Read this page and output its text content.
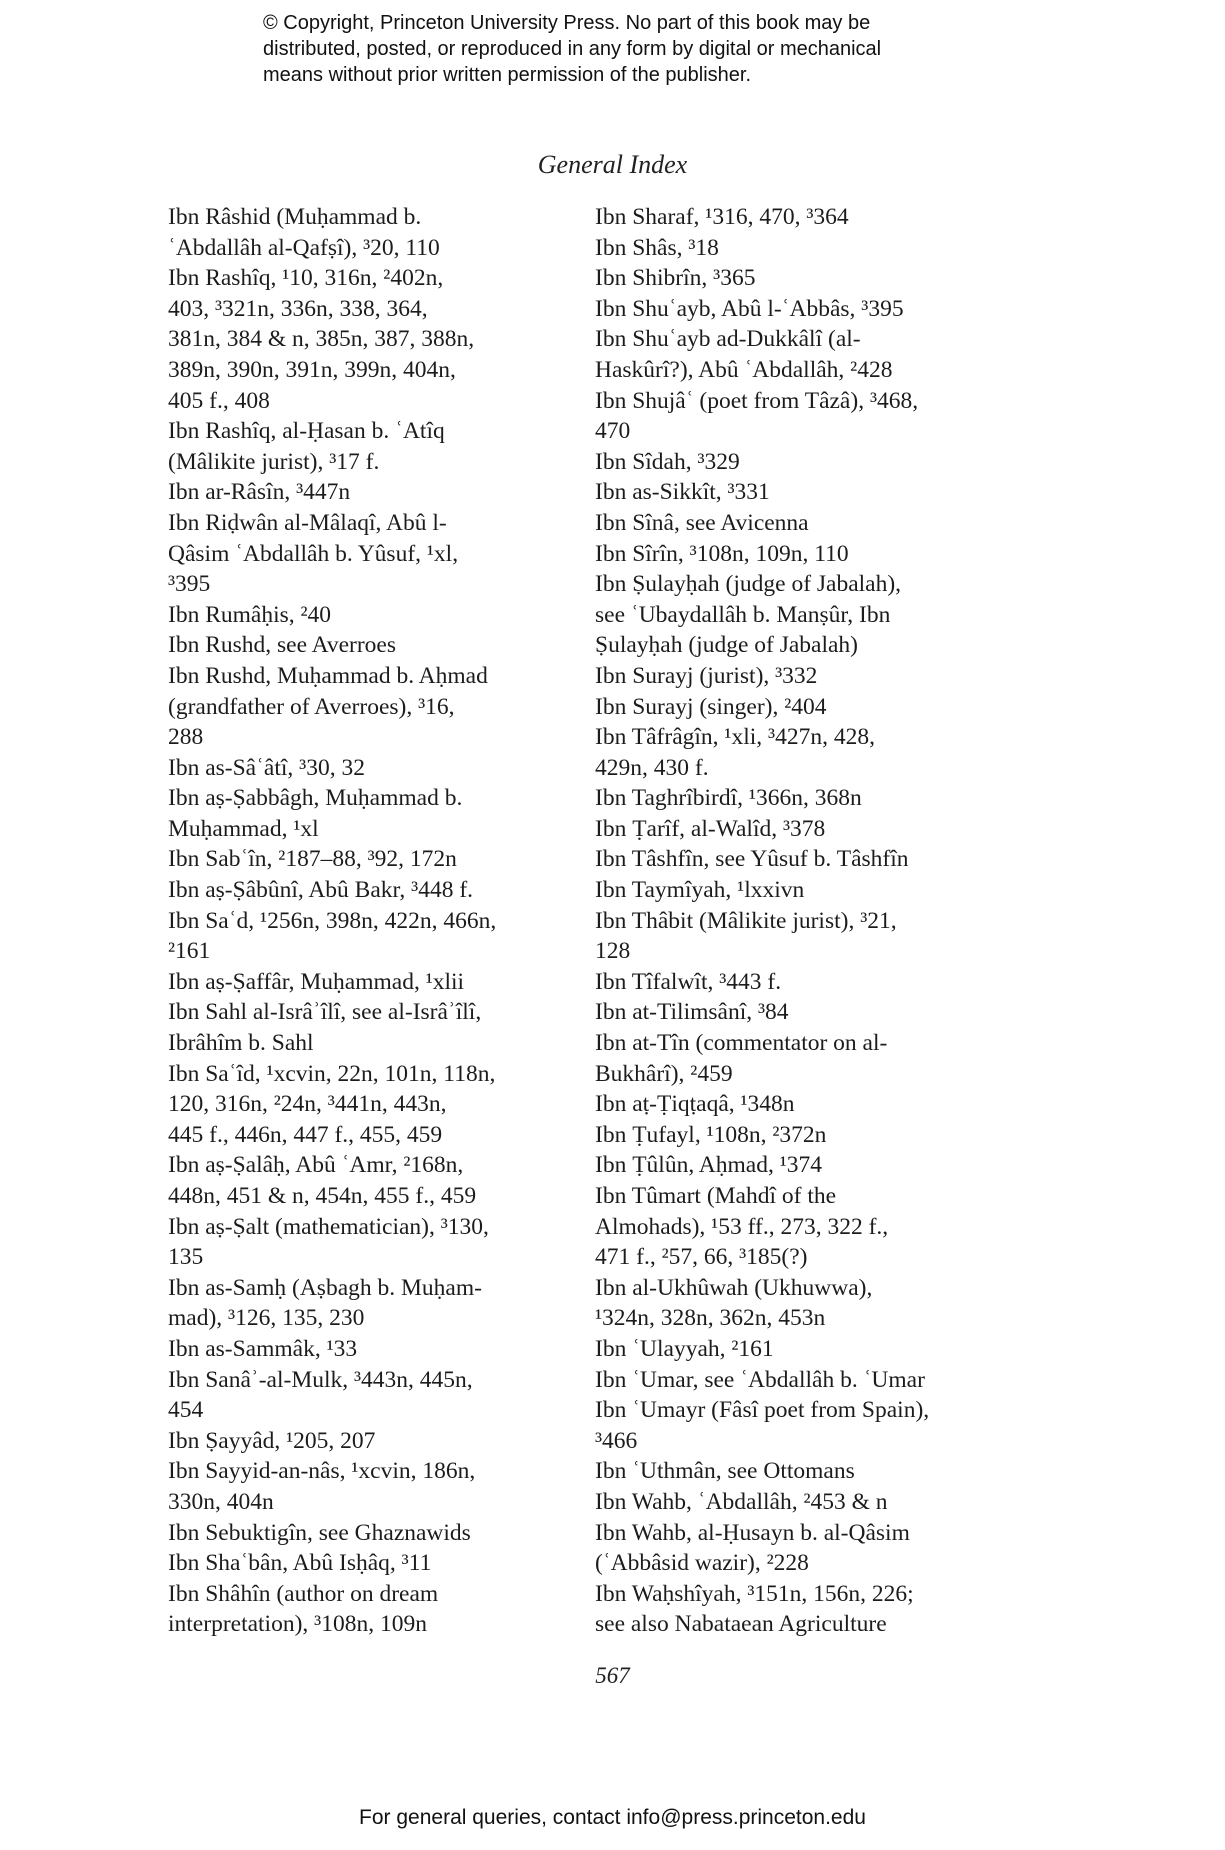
© Copyright, Princeton University Press. No part of this book may be
distributed, posted, or reproduced in any form by digital or mechanical
means without prior written permission of the publisher.
General Index

Ibn Râshid (Muḥammad b.
ʿAbdallâh al-Qafṣî), ³20, 110

Ibn Rashîq, ¹10, 316n, ²402n,
403, ³321n, 336n, 338, 364,
381n, 384 & n, 385n, 387, 388n,
389n, 390n, 391n, 399n, 404n,
405 f., 408

Ibn Rashîq, al-Ḥasan b. ʿAtîq
(Mâlikite jurist), ³17 f.

Ibn ar-Râsîn, ³447n

Ibn Riḍwân al-Mâlaqî, Abû l-
Qâsim ʿAbdallâh b. Yûsuf, ¹xl,
³395

Ibn Rumâḥis, ²40

Ibn Rushd, see Averroes

Ibn Rushd, Muḥammad b. Aḥmad
(grandfather of Averroes), ³16,
288

Ibn as-Sâʿâtî, ³30, 32

Ibn aṣ-Ṣabbâgh, Muḥammad b.
Muḥammad, ¹xl

Ibn Sabʿîn, ²187–88, ³92, 172n

Ibn aṣ-Ṣâbûnî, Abû Bakr, ³448 f.

Ibn Saʿd, ¹256n, 398n, 422n, 466n,
²161

Ibn aṣ-Ṣaffâr, Muḥammad, ¹xlii

Ibn Sahl al-Isrâʾîlî, see al-Isrâʾîlî,
Ibrâhîm b. Sahl

Ibn Saʿîd, ¹xcvin, 22n, 101n, 118n,
120, 316n, ²24n, ³441n, 443n,
445 f., 446n, 447 f., 455, 459

Ibn aṣ-Ṣalâḥ, Abû ʿAmr, ²168n,
448n, 451 & n, 454n, 455 f., 459

Ibn aṣ-Ṣalt (mathematician), ³130,
135

Ibn as-Samḥ (Aṣbagh b. Muḥam-
mad), ³126, 135, 230

Ibn as-Sammâk, ¹33

Ibn Sanâʾ-al-Mulk, ³443n, 445n,
454

Ibn Ṣayyâd, ¹205, 207

Ibn Sayyid-an-nâs, ¹xcvin, 186n,
330n, 404n

Ibn Sebuktigîn, see Ghaznawids

Ibn Shaʿbân, Abû Isḥâq, ³11

Ibn Shâhîn (author on dream
interpretation), ³108n, 109n

Ibn Sharaf, ¹316, 470, ³364

Ibn Shâs, ³18

Ibn Shibrîn, ³365

Ibn Shuʿayb, Abû l-ʿAbbâs, ³395

Ibn Shuʿayb ad-Dukkâlî (al-
Haskûrî?), Abû ʿAbdallâh, ²428

Ibn Shujâʿ (poet from Tâzâ), ³468,
470

Ibn Sîdah, ³329

Ibn as-Sikkît, ³331

Ibn Sînâ, see Avicenna

Ibn Sîrîn, ³108n, 109n, 110

Ibn Ṣulayḥah (judge of Jabalah),
see ʿUbaydallâh b. Manṣûr, Ibn
Ṣulayḥah (judge of Jabalah)

Ibn Surayj (jurist), ³332

Ibn Surayj (singer), ²404

Ibn Tâfrâgîn, ¹xli, ³427n, 428,
429n, 430 f.

Ibn Taghrîbirdî, ¹366n, 368n

Ibn Ṭarîf, al-Walîd, ³378

Ibn Tâshfîn, see Yûsuf b. Tâshfîn

Ibn Taymîyah, ¹lxxivn

Ibn Thâbit (Mâlikite jurist), ³21,
128

Ibn Tîfalwît, ³443 f.

Ibn at-Tilimsânî, ³84

Ibn at-Tîn (commentator on al-
Bukhârî), ²459

Ibn aṭ-Ṭiqṭaqâ, ¹348n

Ibn Ṭufayl, ¹108n, ²372n

Ibn Ṭûlûn, Aḥmad, ¹374

Ibn Tûmart (Mahdî of the
Almohads), ¹53 ff., 273, 322 f.,
471 f., ²57, 66, ³185(?)

Ibn al-Ukhûwah (Ukhuwwa),
¹324n, 328n, 362n, 453n

Ibn ʿUlayyah, ²161

Ibn ʿUmar, see ʿAbdallâh b. ʿUmar

Ibn ʿUmayr (Fâsî poet from Spain),
³466

Ibn ʿUthmân, see Ottomans

Ibn Wahb, ʿAbdallâh, ²453 & n

Ibn Wahb, al-Ḥusayn b. al-Qâsim
(ʿAbbâsid wazir), ²228

Ibn Waḥshîyah, ³151n, 156n, 226;
see also Nabataean Agriculture

567
For general queries, contact info@press.princeton.edu
